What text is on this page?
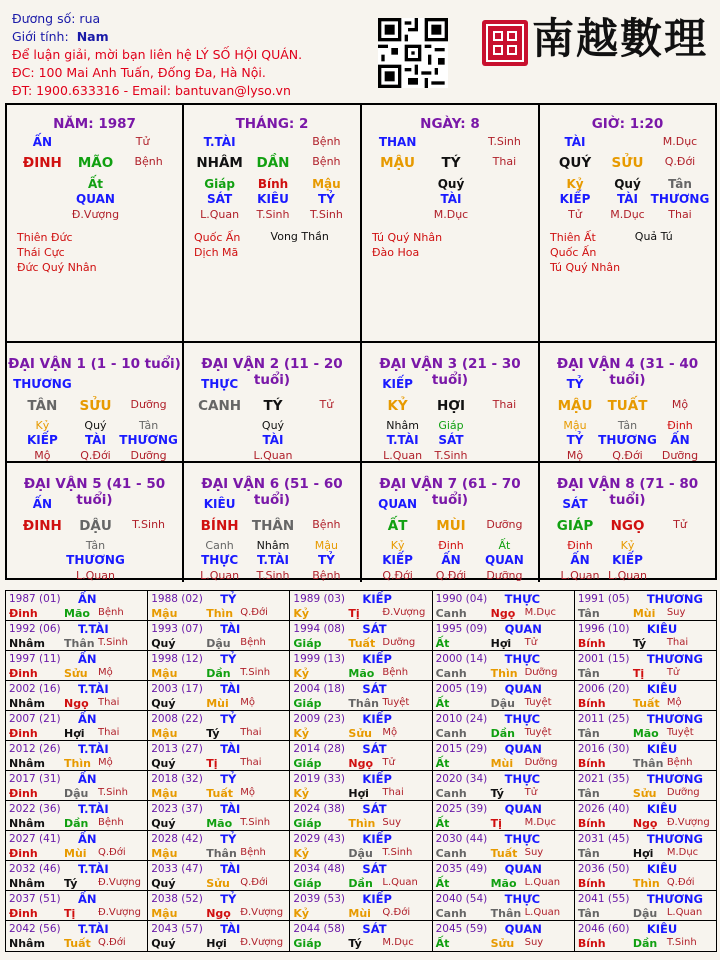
Đương số: rua
Giới tính: Nam
Để luận giải, mời bạn liên hệ LÝ SỐ HỘI QUÁN.
ĐC: 100 Mai Anh Tuấn, Đống Đa, Hà Nội.
ĐT: 1900.633316 - Email: bantuvan@lyso.vn
南越數理
NĂM: 1987
ẤN	Tử
ĐINH MÃO Bệnh
Ất
QUAN
Đ.Vượng
Thiên Đức
Thái Cực
Đức Quý Nhân
THÁNG: 2
T.TÀI	Bệnh
NHÂM DẦN Bệnh
Giáp Bính Mậu
SÁT KIÊU TỶ
L.Quan T.Sinh T.Sinh
Quốc Ấn
Dịch Mã
Vong Thần
NGÀY: 8
THAN	T.Sinh
MẬU TÝ	Thai
Quý
TÀI
M.Dục
Tú Quý Nhân
Đào Hoa
GIỜ: 1:20
TÀI	M.Dục
QUÝ SỬU Q.Đới
Kỷ	Quý Tân
KIẾP TÀI THƯƠNG
Tử	M.Dục Thai
Thiên Ất
Quốc Ấn
Tú Quý Nhân
Quả Tú
ĐẠI VẬN 1 (1 - 10 tuổi)
THƯƠNG
TÂN SỬU Dưỡng
Kỷ	Quý	Tân
KIẾP TÀI THƯƠNG
Mộ	Q.Đới Dưỡng
ĐẠI VẬN 2 (11 - 20 tuổi)
THỰC
CANH TÝ	Tử
Quý
TÀI
L.Quan
ĐẠI VẬN 3 (21 - 30 tuổi)
KIẾP
KỶ HỢI	Thai
Nhâm Giáp
T.TÀI SÁT
L.Quan T.Sinh
ĐẠI VẬN 4 (31 - 40 tuổi)
TỶ
MẬU TUẤT Mộ
Mậu	Tân	Đinh
TỶ THƯƠNG ẤN
Mộ	Q.Đới Dưỡng
ĐẠI VẬN 5 (41 - 50 tuổi)
ẤN
ĐINH DẬU T.Sinh
Tân
THƯƠNG
L.Quan
ĐẠI VẬN 6 (51 - 60 tuổi)
KIÊU
BÍNH THÂN Bệnh
Canh Nhâm Mậu
THỰC T.TÀI TỶ
L.Quan T.Sinh Bệnh
ĐẠI VẬN 7 (61 - 70 tuổi)
QUAN
ẤT MÙI Dưỡng
Kỷ	Đinh	Ất
KIẾP ẤN QUAN
Q.Đới Q.Đới Dưỡng
ĐẠI VẬN 8 (71 - 80 tuổi)
SÁT
GIÁP NGỌ	Tử
Đinh	Kỷ
ẤN KIẾP
L.Quan L.Quan
1987 (01) ẤN
Đinh Mão Bệnh
1988 (02) TỶ
Mậu	Thìn Q.Đới
1989 (03) KIẾP
Kỷ	Tị Đ.Vượng
1990 (04) THỰC
Canh Ngọ M.Dục
1991 (05) THƯƠNG
Tân	Mùi Suy
1992 (06) T.TÀI
Nhâm Thân T.Sinh
1993 (07) TÀI
Quý	Dậu Bệnh
1994 (08) SÁT
Giáp Tuất Dưỡng
1995 (09) QUAN
Ất	Hợi Tử
1996 (10) KIÊU
Bính Tý Thai
1997 (11) ẤN
Đinh Sửu Mộ
1998 (12) TỶ
Mậu	Dần T.Sinh
1999 (13) KIẾP
Kỷ	Mão Bệnh
2000 (14) THỰC
Canh Thìn Dưỡng
2001 (15) THƯƠNG
Tân	Tị Tử
2002 (16) T.TÀI
Nhâm Ngọ Thai
2003 (17) TÀI
Quý	Mùi Mộ
2004 (18) SÁT
Giáp Thân Tuyệt
2005 (19) QUAN
Ất	Dậu Tuyệt
2006 (20) KIÊU
Bính Tuất Mộ
2007 (21) ẤN
Đinh Hợi Thai
2008 (22) TỶ
Mậu	Tý Thai
2009 (23) KIẾP
Kỷ	Sửu Mộ
2010 (24) THỰC
Canh Dần Tuyệt
2011 (25) THƯƠNG
Tân	Mão Tuyệt
2012 (26) T.TÀI
Nhâm Thìn Mộ
2013 (27) TÀI
Quý	Tị Thai
2014 (28) SÁT
Giáp Ngọ Tử
2015 (29) QUAN
Ất	Mùi Dưỡng
2016 (30) KIÊU
Bính Thân Bệnh
2017 (31) ẤN
Đinh Dậu T.Sinh
2018 (32) TỶ
Mậu	Tuất Mộ
2019 (33) KIẾP
Kỷ	Hợi Thai
2020 (34) THỰC
Canh Tý Tử
2021 (35) THƯƠNG
Tân	Sửu Dưỡng
2022 (36) T.TÀI
Nhâm Dần Bệnh
2023 (37) TÀI
Quý	Mão T.Sinh
2024 (38) SÁT
Giáp Thìn Suy
2025 (39) QUAN
Ất	Tị M.Dục
2026 (40) KIÊU
Bính Ngọ Đ.Vượng
2027 (41) ẤN
Đinh Mùi Q.Đới
2028 (42) TỶ
Mậu	Thân Bệnh
2029 (43) KIẾP
Kỷ	Dậu T.Sinh
2030 (44) THỰC
Canh Tuất Suy
2031 (45) THƯƠNG
Tân	Hợi M.Dục
2032 (46) T.TÀI
Nhâm Tý Đ.Vượng
2033 (47) TÀI
Quý	Sửu Q.Đới
2034 (48) SÁT
Giáp Dần L.Quan
2035 (49) QUAN
Ất	Mão L.Quan
2036 (50) KIÊU
Bính Thìn Q.Đới
2037 (51) ẤN
Đinh Tị Đ.Vượng
2038 (52) TỶ
Mậu	Ngọ Đ.Vượng
2039 (53) KIẾP
Kỷ	Mùi Q.Đới
2040 (54) THỰC
Canh Thân L.Quan
2041 (55) THƯƠNG
Tân	Dậu L.Quan
2042 (56) T.TÀI
Nhâm Tuất Q.Đới
2043 (57) TÀI
Quý	Hợi Đ.Vượng
2044 (58) SÁT
Giáp Tý M.Dục
2045 (59) QUAN
Ất	Sửu Suy
2046 (60) KIÊU
Bính Dần T.Sinh
